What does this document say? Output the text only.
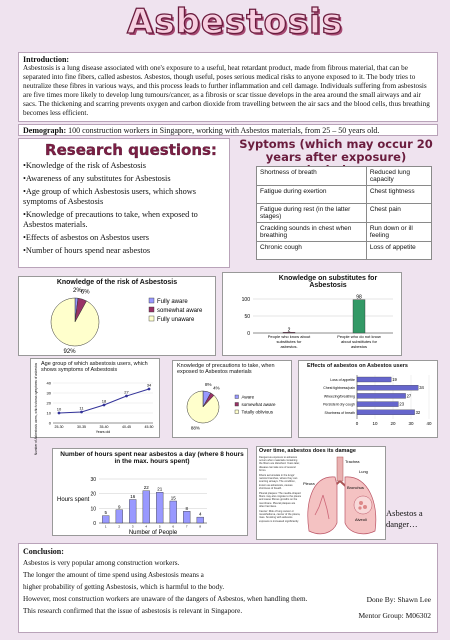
Asbestosis
Introduction:

Asbestosis is a lung disease associated with one's exposure to a useful, heat retardant product, made from fibrous material, that can be separated into fine fibers, called asbestos. Asbestos, though useful, poses serious medical risks to anyone exposed to it. The body tries to neutralize these fibres in various ways, and this process leads to further inflammation and cell damage. Individuals suffering from asbestosis are five times more likely to develop lung tumours/cancer, as a fibrosis or scar tissue develops in the area around the small airways and air sacs. The thickening and scarring prevents oxygen and carbon dioxide from travelling between the air sacs and the blood cells, thus breathing becomes less efficient.

Demograph: 100 construction workers in Singapore, working with Asbestos materials, from 25 – 50 years old.
Research questions:
• Knowledge of the risk of Asbestosis
• Awareness of any substitutes for Asbestosis
• Age group of which Asbestosis users, which shows symptoms of Asbestosis
• Knowledge of precautions to take, when exposed to Asbestos materials.
• Effects of asbestos on Asbestos users
• Number of hours spend near asbestos
Syptoms (which may occur 20 years after exposure)
Shortness of breath	Reduced lung capacity
Fatigue during exertion	Chest tightness
Fatigue during rest (in the latter stages)	Chest pain
Crackling sounds in chest when breathing	Run down or ill feeling
Chronic cough	Loss of appetite
Knowledge of the risk of Asbestosis
2% 6%
92%
Fully aware
somewhat aware
Fully unaware
Knowledge on substitutes for Asbestosis
0
50
100
2
People who know about
substitutes for
asbestos.
98
People who do not know
about substitutes for
asbestos
Age group of which asbestosis users, which shows symptoms of Asbestosis
Number of Asbestosis users, which shows symptoms of asbestos	0
10
20
30
40
10
25-30
11
30-35
18
35-40
27
40-45
34
45-50
Years old
Knowledge of precautions to take, when exposed to Asbestos materials
8%
4%
88%
Aware
somewhat aware
Totally oblivious
Effects of asbestos on Asbestos users
0	10	20	30	40
19
Loss of appetite
34
Chest tightness/pain
27
Wheezing/breathing
23
Persistent dry cough
32
Shortness of breath
Number of hours spent near asbestos a day (where 8 hours in the max. hours spent)
Hours spent
0
10
20
30
5
1
9
2
16
3
22
4
21
5
15
6
8
7
4
8
Number of People
Over time, asbestos does its damage
Dangerous exposure to asbestos occurs when materials containing the fibers are disturbed. Years later, disease can take one of several forms.
Fibers accumulate in the lungs' narrow branches, where they can scarring airways. The condition, known as asbestosis, causes shortness of breath.
Pleural plaques: The needle-shaped fibers may also migrate to the pleura and cause fibrous growths on the membrane. Pleural plaques are often harmless.
Cancer: Risk of lung cancer or mesothelioma, cancer of the pleura, rises. Smoking with asbestos exposure is increased significantly.
Lung
Pleura
Trachea
Bronchus
Alveoli
Asbestos a danger…
Conclusion:

Asbestos is very popular among construction workers.

The longer the amount of time spend using Asbestosis means a

higher probability of getting Asbestosis, which is harmful to the body.

However, most construction workers are unaware of the dangers of Asbestos, when handling them.

This research confirmed that the issue of asbestosis is relevant in Singapore.

Done By: Shawn Lee
Mentor Group: M06302
